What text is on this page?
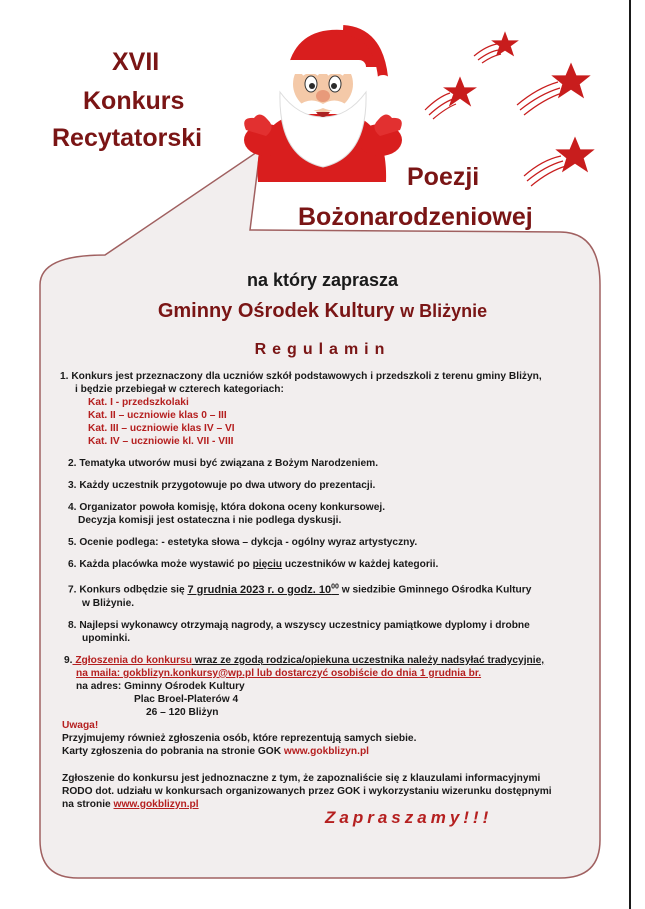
XVII
Konkurs
Recytatorski
Poezji
Bożonarodzeniowej
na który zaprasza
Gminny Ośrodek Kultury w Bliżynie
Regulamin

1. Konkurs jest przeznaczony dla uczniów szkół podstawowych i przedszkoli z terenu gminy Bliżyn,

i będzie przebiegał w czterech kategoriach:

Kat. I - przedszkolaki

Kat. II – uczniowie klas 0 – III

Kat. III – uczniowie klas IV – VI

Kat. IV – uczniowie kl. VII - VIII

2. Tematyka utworów musi być związana z Bożym Narodzeniem.

3. Każdy uczestnik przygotowuje po dwa utwory do prezentacji.

4. Organizator powoła komisję, która dokona oceny konkursowej.

Decyzja komisji jest ostateczna i nie podlega dyskusji.

5. Ocenie podlega: - estetyka słowa – dykcja - ogólny wyraz artystyczny.

6. Każda placówka może wystawić po pięciu uczestników w każdej kategorii.

7. Konkurs odbędzie się 7 grudnia 2023 r. o godz. $10^{00}$ w siedzibie Gminnego Ośrodka Kultury

w Bliżynie.

8. Najlepsi wykonawcy otrzymają nagrody, a wszyscy uczestnicy pamiątkowe dyplomy i drobne

upominki.

9. Zgłoszenia do konkursu wraz ze zgodą rodzica/opiekuna uczestnika należy nadsyłać tradycyjnie,

na maila: gokblizyn.konkursy@wp.pl lub dostarczyć osobiście do dnia 1 grudnia br.

na adres: Gminny Ośrodek Kultury

Plac Broel-Platerów 4

26 – 120 Bliżyn

Uwaga!

Przyjmujemy również zgłoszenia osób, które reprezentują samych siebie.

Karty zgłoszenia do pobrania na stronie GOK www.gokblizyn.pl

Zgłoszenie do konkursu jest jednoznaczne z tym, że zapoznaliście się z klauzulami informacyjnymi

RODO dot. udziału w konkursach organizowanych przez GOK i wykorzystaniu wizerunku dostępnymi

na stronie www.gokblizyn.pl

Zapraszamy!!!
